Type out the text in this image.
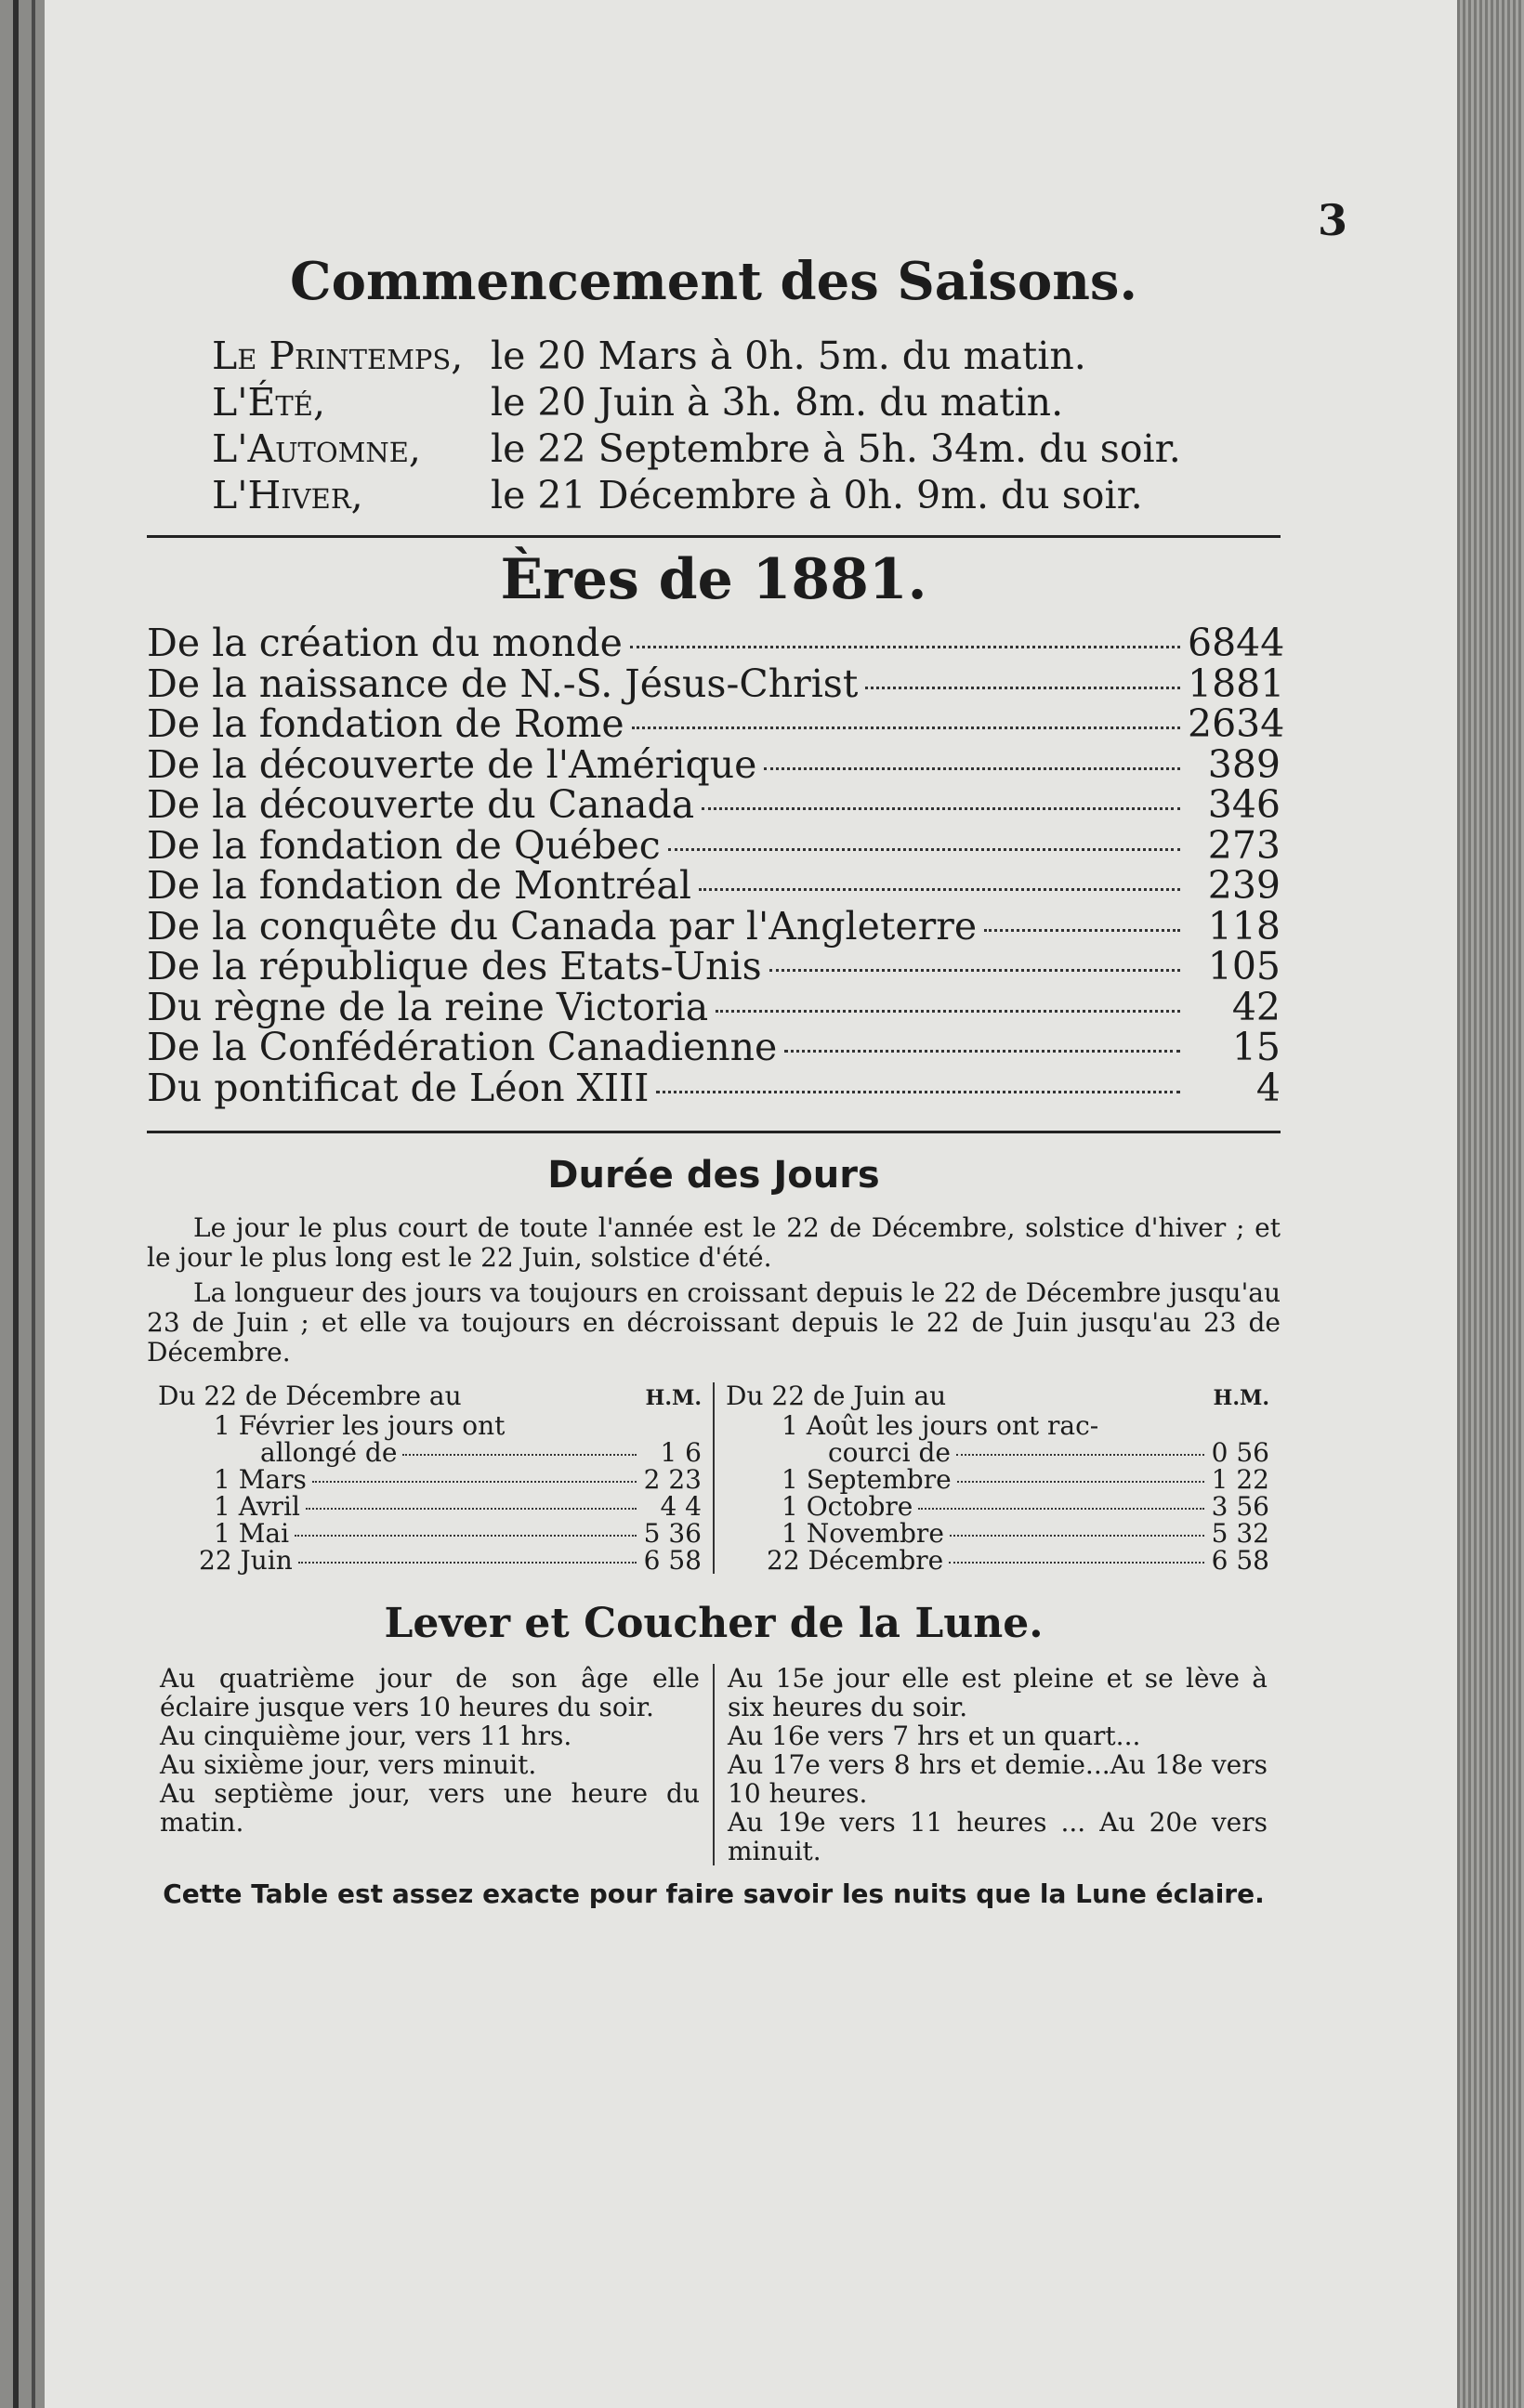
3
Commencement des Saisons.
Le Printemps, le 20 Mars à 0h. 5m. du matin.
L'Été,	le 20 Juin à 3h. 8m. du matin.
L'Automne,	le 22 Septembre à 5h. 34m. du soir.
L'Hiver,	le 21 Décembre à 0h. 9m. du soir.
Ères de 1881.
De la création du monde	6844
De la naissance de N.-S. Jésus-Christ	1881
De la fondation de Rome	2634
De la découverte de l'Amérique	389
De la découverte du Canada	346
De la fondation de Québec	273
De la fondation de Montréal	239
De la conquête du Canada par l'Angleterre	118
De la république des Etats-Unis	105
Du règne de la reine Victoria	42
De la Confédération Canadienne	15
Du pontificat de Léon XIII	4
Durée des Jours

Le jour le plus court de toute l'année est le 22 de Décembre, solstice d'hiver ; et le jour le plus long est le 22 Juin, solstice d'été.

La longueur des jours va toujours en croissant depuis le 22 de Décembre jusqu'au 23 de Juin ; et elle va toujours en décroissant depuis le 22 de Juin jusqu'au 23 de Décembre.

Du 22 de Décembre au	H.M.
1 Février les jours ont
allongé de	1 6
1 Mars	2 23
1 Avril	4 4
1 Mai	5 36
22 Juin	6 58
Du 22 de Juin au	H.M.
1 Août les jours ont rac-
courci de	0 56
1 Septembre	1 22
1 Octobre	3 56
1 Novembre	5 32
22 Décembre	6 58
Lever et Coucher de la Lune.

Au quatrième jour de son âge elle éclaire jusque vers 10 heures du soir.

Au cinquième jour, vers 11 hrs.

Au sixième jour, vers minuit.

Au septième jour, vers une heure du matin.

Au 15e jour elle est pleine et se lève à six heures du soir.

Au 16e vers 7 hrs et un quart...

Au 17e vers 8 hrs et demie...Au 18e vers 10 heures.

Au 19e vers 11 heures ... Au 20e vers minuit.

Cette Table est assez exacte pour faire savoir les nuits que la Lune éclaire.
